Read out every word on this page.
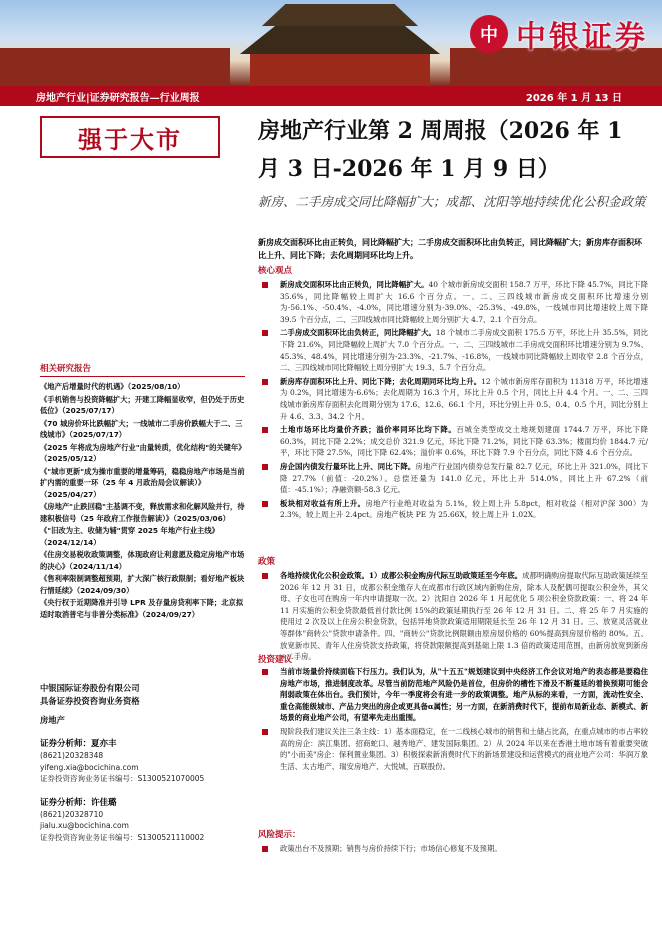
中 中银证券
房地产行业|证券研究报告—行业周报	2026 年 1 月 13 日
强于大市	房地产行业第 2 周周报（2026 年 1 月 3 日-2026 年 1 月 9 日）
新房、二手房成交同比降幅扩大；成都、沈阳等地持续优化公积金政策
新房成交面积环比由正转负，同比降幅扩大；二手房成交面积环比由负转正，同比降幅扩大；新房库存面积环比上升、同比下降；去化周期同环比均上升。
核心观点
新房成交面积环比由正转负，同比降幅扩大。40 个城市新房成交面积 158.7 万平，环比下降 45.7%，同比下降 35.6%，同比降幅较上周扩大 16.6 个百分点。一、二、三四线城市新房成交面积环比增速分别为-56.1%、-50.4%、-4.0%，同比增速分别为-39.0%、-25.3%、-49.8%，一线城市同比增速较上周下降 39.5 个百分点，二、三四线城市同比降幅较上周分别扩大 4.7、2.1 个百分点。
二手房成交面积环比由负转正，同比降幅扩大。18 个城市二手房成交面积 175.5 万平，环比上升 35.5%，同比下降 21.6%，同比降幅较上周扩大 7.0 个百分点。一、二、三四线城市二手房成交面积环比增速分别为 9.7%、45.3%、48.4%，同比增速分别为-23.3%、-21.7%、-16.8%，一线城市同比降幅较上周收窄 2.8 个百分点，二、三四线城市同比降幅较上周分别扩大 19.3、5.7 个百分点。
新房库存面积环比上升、同比下降；去化周期同环比均上升。12 个城市新房库存面积为 11318 万平，环比增速为 0.2%，同比增速为-6.6%；去化周期为 16.3 个月，环比上升 0.5 个月，同比上升 4.4 个月。一、二、三四线城市新房库存面积去化周期分别为 17.6、12.6、66.1 个月，环比分别上升 0.5、0.4、0.5 个月，同比分别上升 4.6、3.3、34.2 个月。
土地市场环比均量价齐跌；溢价率同环比均下降。百城全类型成交土地规划建面 1744.7 万平，环比下降 60.3%，同比下降 2.2%；成交总价 321.9 亿元，环比下降 71.2%，同比下降 63.3%；楼面均价 1844.7 元/平，环比下降 27.5%，同比下降 62.4%；溢价率 0.6%，环比下降 7.9 个百分点，同比下降 4.6 个百分点。
房企国内债发行量环比上升、同比下降。房地产行业国内债券总发行量 82.7 亿元，环比上升 321.0%，同比下降 27.7%（前值：-20.2%）。总偿还量为 141.0 亿元，环比上升 514.0%，同比上升 67.2%（前值：-45.1%）；净融资额-58.3 亿元。
板块相对收益有所上升。房地产行业绝对收益为 5.1%，较上周上升 5.8pct，相对收益（相对沪深 300）为 2.3%，较上周上升 2.4pct。房地产板块 PE 为 25.66X，较上周上升 1.02X。
政策
各地持续优化公积金政策。1）成都公积金购房代际互助政策延至今年底。成都明确购房提取代际互助政策延续至 2026 年 12 月 31 日，成都公积金缴存人在成都市行政区域内新购住房，除本人及配偶可提取公积金外，其父母、子女也可在购房一年内申请提取一次。2）沈阳自 2026 年 1 月起优化 5 项公积金贷款政策：一、将 24 年 11 月实施的公积金贷款最低首付款比例 15%的政策延期执行至 26 年 12 月 31 日。二、将 25 年 7 月实施的使用过 2 次及以上住房公积金贷款，包括异地贷款政策适用期限延长至 26 年 12 月 31 日。三、放宽灵活就业等群体"商转公"贷款申请条件。四、"商转公"贷款比例限额由原房屋价格的 60%提高到房屋价格的 80%。五、放宽新市民、青年人住房贷款支持政策，将贷款限额提高到基础上限 1.3 倍的政策适用范围，由新房放宽到新房+二手房。
投资建议
当前市场量价持续面临下行压力。我们认为，从"十五五"规划建议到中央经济工作会议对地产的表态都是要稳住房地产市场，推进制度改革。尽管当前防范地产风险仍是首位，但房价的槽性下滑及不断蔓延的着换预期可能会削弱政策在体出台。我们预计，今年一季度将会有进一步的政策调整。地产从标的来看，一方面，流动性安全、重仓高能级城市、产品力突出的房企或更具备α属性；另一方面，在新消费时代下，提前布局新业态、新模式、新场景的商业地产公司，有望率先走出重围。
现阶段我们建议关注三条主线：1）基本面稳定，在一二线核心城市的销售和土储占比高，在重点城市的市占率较高的房企：滨江集团、招商蛇口、越秀地产、建发国际集团。2）从 2024 年以来在香港土地市场有着重要突破的"小而美"房企：保利置业集团。3）积极探索新消费时代下的新场景建设和运营模式的商业地产公司：华润万象生活、太古地产、瑞安房地产、大悦城、百联股份。
风险提示：
政策出台不及预期；销售与房价持续下行；市场信心修复不及预期。
相关研究报告
《地产后增量时代的机遇》（2025/08/10）
《手机销售与投资降幅扩大；开建工降幅显收窄，但仍处于历史低位》（2025/07/17）
《70 城房价环比跌幅扩大；一线城市二手房价跌幅大于二、三线城市》（2025/07/17）
《2025 年将成为房地产行业"由量转质，优化结构"的关键年》（2025/05/12）
《"城市更新"成为操市重要的增量筹码，稳稳房地产市场是当前扩内需的重要一环（25 年 4 月政治局会议解读）》（2025/04/27）
《房地产"止跌回稳"主基调不变，释放需求和化解风险并行，待建积极信号（25 年政府工作报告解读）》（2025/03/06）
《"旧改为主、收储为辅"贯穿 2025 年地产行业主线》（2024/12/14）
《住房交易税收政策调整，体现政府让利意愿及稳定房地产市场的决心》（2024/11/14）
《售利率限制调整超预期，扩大深广核行政限制；看好地产板块行情延续》（2024/09/30）
《央行权于近期降准并引导 LPR 及存量房贷利率下降；北京拟适时取消普宅与非普分类标准》（2024/09/27）
中银国际证券股份有限公司
具备证券投资咨询业务资格
房地产
证券分析师：夏亦丰
(8621)20328348
yifeng.xia@bocichina.com
证券投资咨询业务证书编号：S1300521070005
证券分析师：许佳璐
(8621)20328710
jialu.xu@bocichina.com
证券投资咨询业务证书编号：S1300521110002
